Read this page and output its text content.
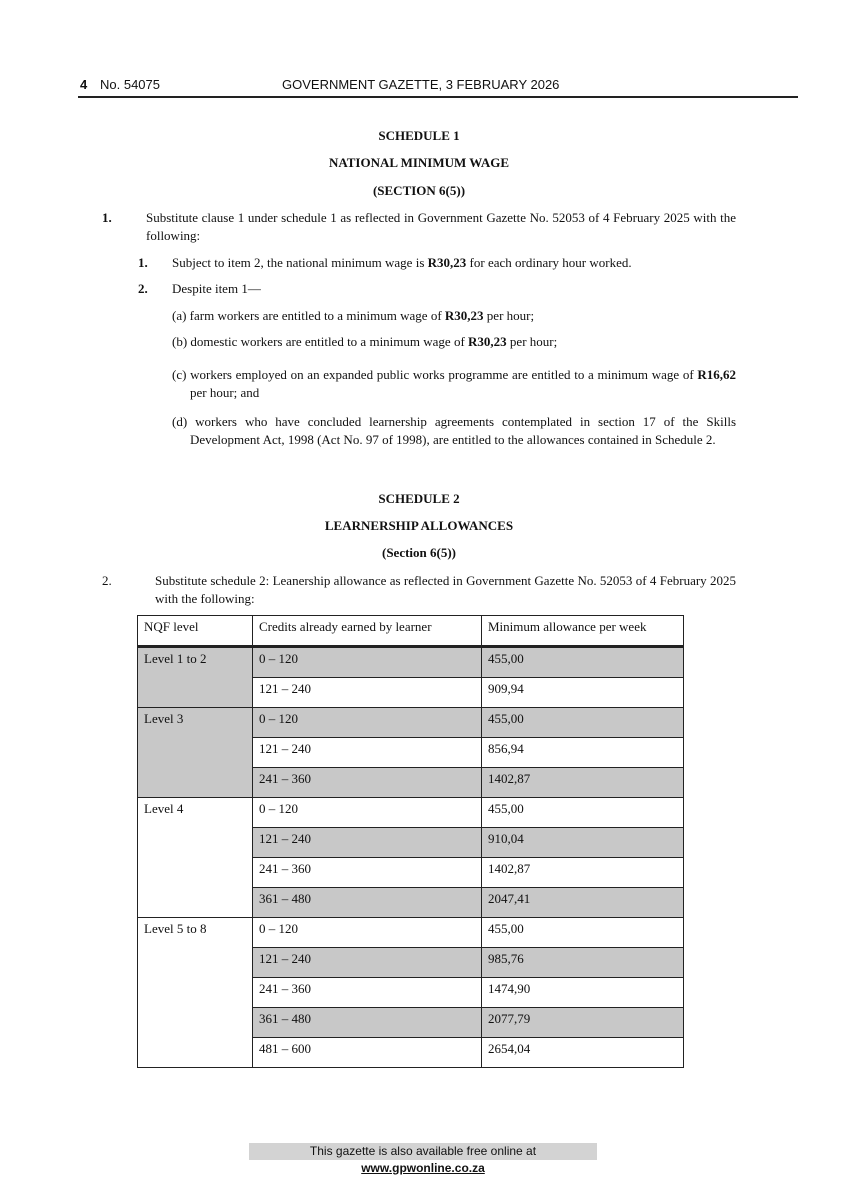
4 No. 54075	GOVERNMENT GAZETTE, 3 FEBRUARY 2026
SCHEDULE 1
NATIONAL MINIMUM WAGE
(SECTION 6(5))
1.	Substitute clause 1 under schedule 1 as reflected in Government Gazette No. 52053 of 4 February 2025 with the following:
1. Subject to item 2, the national minimum wage is R30,23 for each ordinary hour worked.
2. Despite item 1—
(a) farm workers are entitled to a minimum wage of R30,23 per hour;
(b) domestic workers are entitled to a minimum wage of R30,23 per hour;
(c) workers employed on an expanded public works programme are entitled to a minimum wage of R16,62 per hour; and
(d) workers who have concluded learnership agreements contemplated in section 17 of the Skills Development Act, 1998 (Act No. 97 of 1998), are entitled to the allowances contained in Schedule 2.
SCHEDULE 2
LEARNERSHIP ALLOWANCES
(Section 6(5))
2.	Substitute schedule 2: Leanership allowance as reflected in Government Gazette No. 52053 of 4 February 2025 with the following:
NQF level	Credits already earned by learner	Minimum allowance per week
Level 1 to 2	0 – 120	455,00
	121 – 240	909,94
Level 3	0 – 120	455,00
	121 – 240	856,94
	241 – 360	1402,87
Level 4	0 – 120	455,00
	121 – 240	910,04
	241 – 360	1402,87
	361 – 480	2047,41
Level 5 to 8	0 – 120	455,00
	121 – 240	985,76
	241 – 360	1474,90
	361 – 480	2077,79
	481 – 600	2654,04
This gazette is also available free online at www.gpwonline.co.za
